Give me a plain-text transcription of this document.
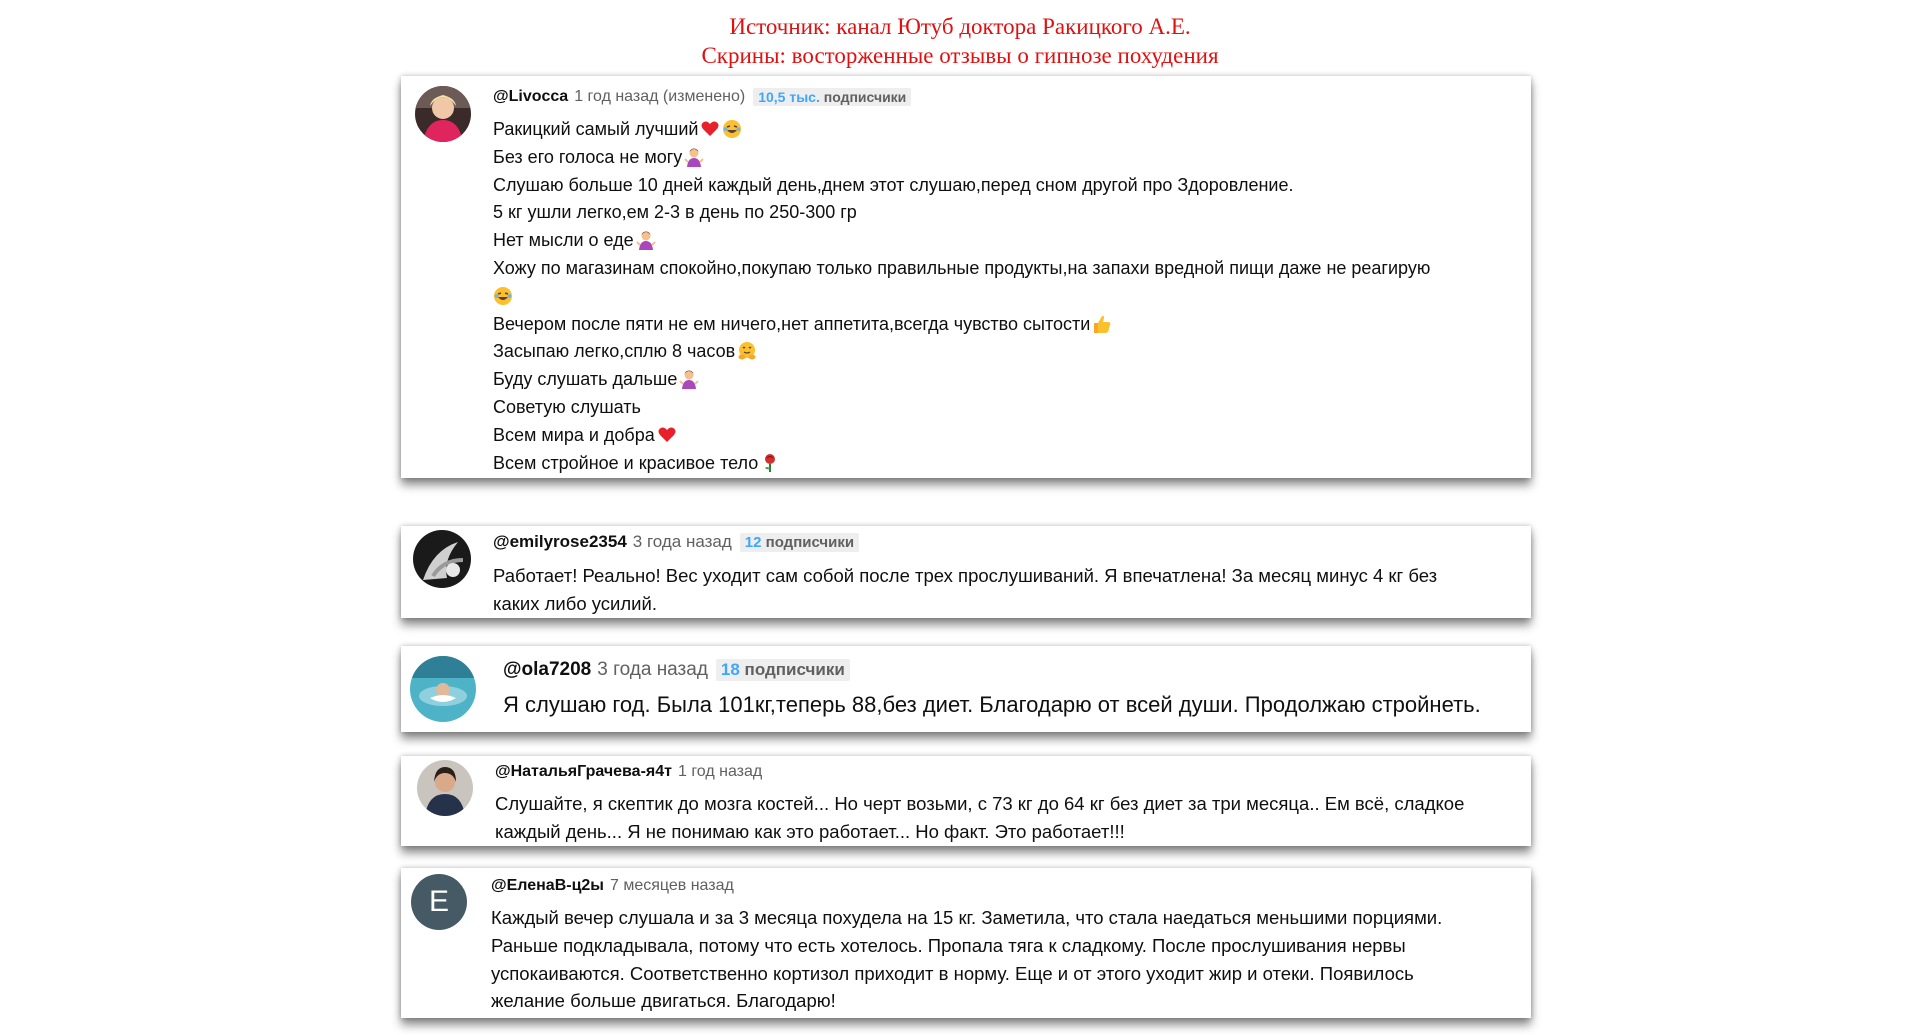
Источник: канал Ютуб доктора Ракицкого А.Е.
Скрины: восторженные отзывы о гипнозе похудения
@Livocca 1 год назад (изменено) 10,5 тыс. подписчики
Ракицкий самый лучший
Без его голоса не могу
Слушаю больше 10 дней каждый день,днем этот слушаю,перед сном другой про Здоровление.
5 кг ушли легко,ем 2-3 в день по 250-300 гр
Нет мысли о еде
Хожу по магазинам спокойно,покупаю только правильные продукты,на запахи вредной пищи даже не реагирую
Вечером после пяти не ем ничего,нет аппетита,всегда чувство сытости
Засыпаю легко,сплю 8 часов
Буду слушать дальше
Советую слушать
Всем мира и добра
Всем стройное и красивое тело
@emilyrose2354 3 года назад 12 подписчики
Работает! Реально! Вес уходит сам собой после трех прослушиваний. Я впечатлена! За месяц минус 4 кг без
каких либо усилий.
@ola7208 3 года назад 18 подписчики
Я слушаю год. Была 101кг,теперь 88,без диет. Благодарю от всей души. Продолжаю стройнеть.
@НатальяГрачева-я4т 1 год назад
Слушайте, я скептик до мозга костей... Но черт возьми, с 73 кг до 64 кг без диет за три месяца.. Ем всё, сладкое
каждый день... Я не понимаю как это работает... Но факт. Это работает!!!
E	@ЕленаВ-ц2ы 7 месяцев назад
Каждый вечер слушала и за 3 месяца похудела на 15 кг. Заметила, что стала наедаться меньшими порциями.
Раньше подкладывала, потому что есть хотелось. Пропала тяга к сладкому. После прослушивания нервы
успокаиваются. Соответственно кортизол приходит в норму. Еще и от этого уходит жир и отеки. Появилось
желание больше двигаться. Благодарю!
